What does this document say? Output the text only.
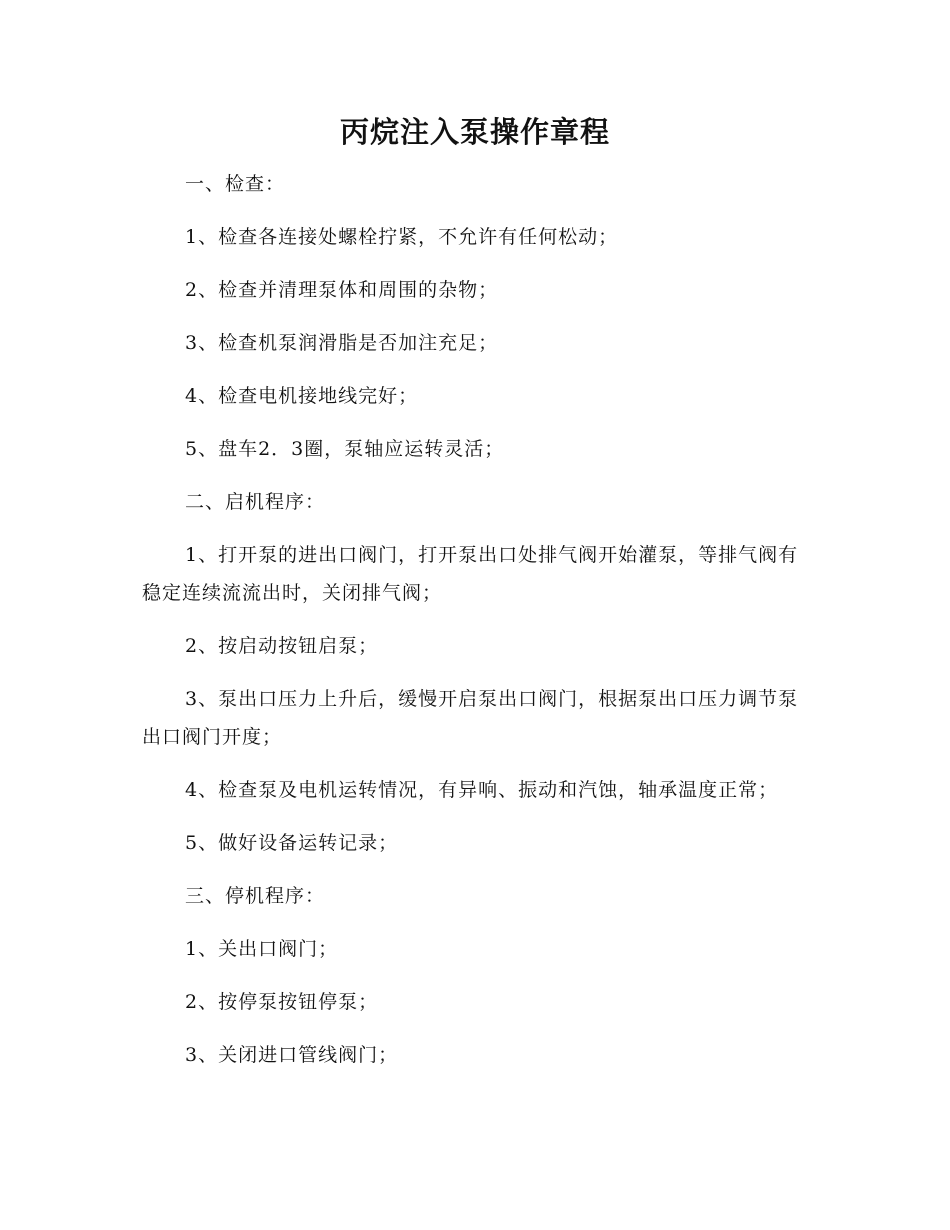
丙烷注入泵操作章程

一、检查：

1、检查各连接处螺栓拧紧，不允许有任何松动；

2、检查并清理泵体和周围的杂物；

3、检查机泵润滑脂是否加注充足；

4、检查电机接地线完好；

5、盘车2．3圈，泵轴应运转灵活；

二、启机程序：

1、打开泵的进出口阀门，打开泵出口处排气阀开始灌泵，等排气阀有稳定连续流流出时，关闭排气阀；

2、按启动按钮启泵；

3、泵出口压力上升后，缓慢开启泵出口阀门，根据泵出口压力调节泵出口阀门开度；

4、检查泵及电机运转情况，有异响、振动和汽蚀，轴承温度正常；

5、做好设备运转记录；

三、停机程序：

1、关出口阀门；

2、按停泵按钮停泵；

3、关闭进口管线阀门；
